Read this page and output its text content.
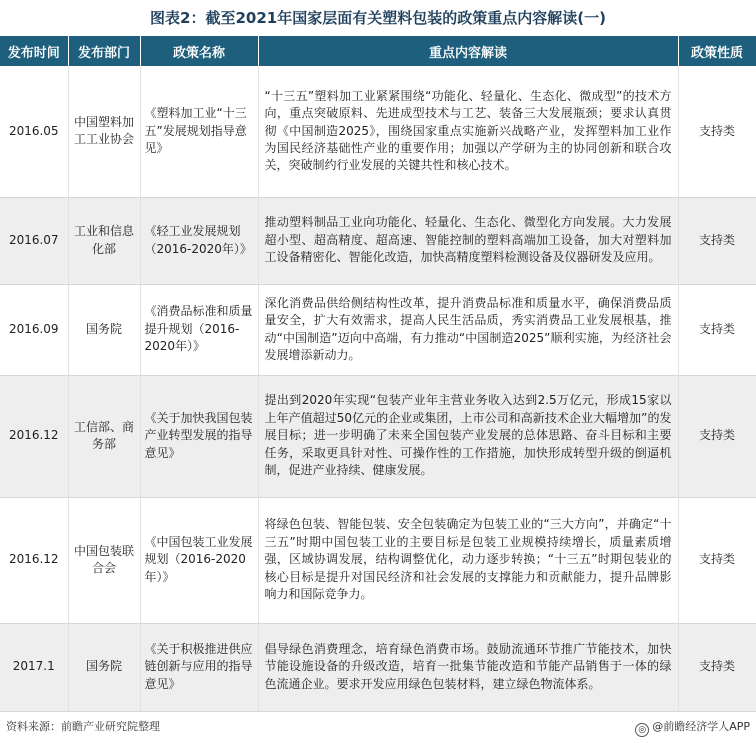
图表2：截至2021年国家层面有关塑料包装的政策重点内容解读(一)
发布时间	发布部门	政策名称	重点内容解读	政策性质
2016.05	中国塑料加工工业协会	《塑料加工业“十三五”发展规划指导意见》	“十三五”塑料加工业紧紧围绕“功能化、轻量化、生态化、微成型”的技术方向，重点突破原料、先进成型技术与工艺、装备三大发展瓶颈；要求认真贯彻《中国制造2025》，围绕国家重点实施新兴战略产业，发挥塑料加工业作为国民经济基础性产业的重要作用；加强以产学研为主的协同创新和联合攻关，突破制约行业发展的关键共性和核心技术。	支持类
2016.07	工业和信息化部	《轻工业发展规划（2016-2020年）》	推动塑料制品工业向功能化、轻量化、生态化、微型化方向发展。大力发展超小型、超高精度、超高速、智能控制的塑料高端加工设备，加大对塑料加工设备精密化、智能化改造，加快高精度塑料检测设备及仪器研发及应用。	支持类
2016.09	国务院	《消费品标准和质量提升规划（2016-2020年）》	深化消费品供给侧结构性改革，提升消费品标准和质量水平，确保消费品质量安全，扩大有效需求，提高人民生活品质，秀实消费品工业发展根基，推动“中国制造”迈向中高端，有力推动“中国制造2025”顺利实施，为经济社会发展增添新动力。	支持类
2016.12	工信部、商务部	《关于加快我国包装产业转型发展的指导意见》	提出到2020年实现“包装产业年主营业务收入达到2.5万亿元，形成15家以上年产值超过50亿元的企业或集团，上市公司和高新技术企业大幅增加”的发展目标；进一步明确了未来全国包装产业发展的总体思路、奋斗目标和主要任务，采取更具针对性、可操作性的工作措施，加快形成转型升级的倒逼机制，促进产业持续、健康发展。	支持类
2016.12	中国包装联合会	《中国包装工业发展规划（2016-2020年）》	将绿色包装、智能包装、安全包装确定为包装工业的“三大方向”，并确定“十三五”时期中国包装工业的主要目标是包装工业规模持续增长，质量素质增强，区域协调发展，结构调整优化，动力逐步转换；“十三五”时期包装业的核心目标是提升对国民经济和社会发展的支撑能力和贡献能力，提升品牌影响力和国际竞争力。	支持类
2017.1	国务院	《关于积极推进供应链创新与应用的指导意见》	倡导绿色消费理念，培育绿色消费市场。鼓励流通环节推广节能技术，加快节能设施设备的升级改造，培育一批集节能改造和节能产品销售于一体的绿色流通企业。要求开发应用绿色包装材料，建立绿色物流体系。	支持类
资料来源：前瞻产业研究院整理	◎ @前瞻经济学人APP
